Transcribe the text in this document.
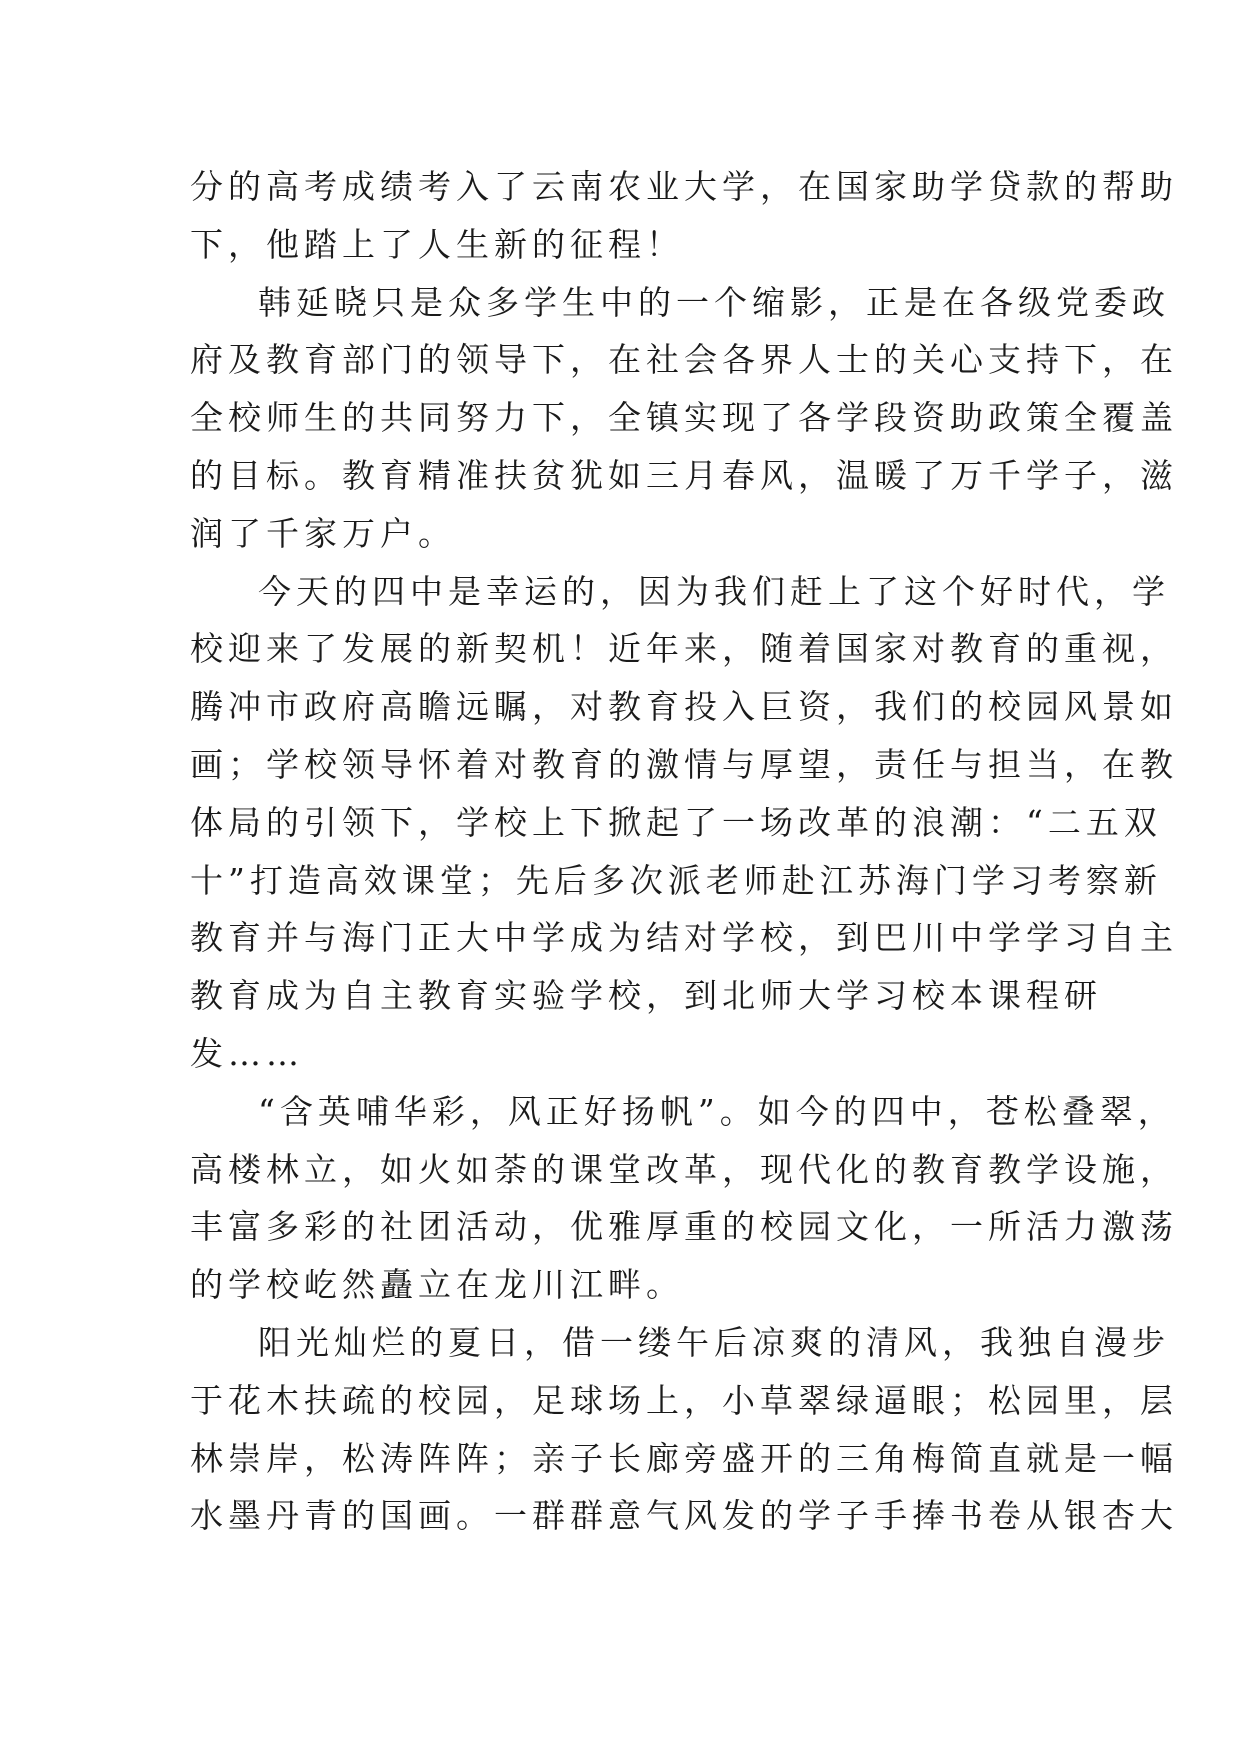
分的高考成绩考入了云南农业大学，在国家助学贷款的帮助
下，他踏上了人生新的征程！
韩延晓只是众多学生中的一个缩影，正是在各级党委政
府及教育部门的领导下，在社会各界人士的关心支持下，在
全校师生的共同努力下，全镇实现了各学段资助政策全覆盖
的目标。教育精准扶贫犹如三月春风，温暖了万千学子，滋
润了千家万户。
今天的四中是幸运的，因为我们赶上了这个好时代，学
校迎来了发展的新契机！近年来，随着国家对教育的重视，
腾冲市政府高瞻远瞩，对教育投入巨资，我们的校园风景如
画；学校领导怀着对教育的激情与厚望，责任与担当，在教
体局的引领下，学校上下掀起了一场改革的浪潮：“二五双
十”打造高效课堂；先后多次派老师赴江苏海门学习考察新
教育并与海门正大中学成为结对学校，到巴川中学学习自主
教育成为自主教育实验学校，到北师大学习校本课程研
发……
“含英哺华彩，风正好扬帆”。如今的四中，苍松叠翠，
高楼林立，如火如荼的课堂改革，现代化的教育教学设施，
丰富多彩的社团活动，优雅厚重的校园文化，一所活力激荡
的学校屹然矗立在龙川江畔。
阳光灿烂的夏日，借一缕午后凉爽的清风，我独自漫步
于花木扶疏的校园，足球场上，小草翠绿逼眼；松园里，层
林崇岸，松涛阵阵；亲子长廊旁盛开的三角梅简直就是一幅
水墨丹青的国画。一群群意气风发的学子手捧书卷从银杏大
